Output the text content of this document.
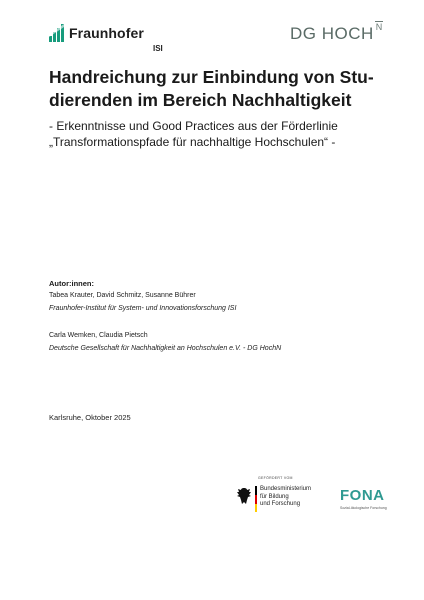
Fraunhofer
ISI
DG HOCH $^N$
Handreichung zur Einbindung von Stu-
dierenden im Bereich Nachhaltigkeit
- Erkenntnisse und Good Practices aus der Förderlinie
„Transformationspfade für nachhaltige Hochschulen“ -
Autor:innen:
Tabea Krauter, David Schmitz, Susanne Bührer
Fraunhofer-Institut für System- und Innovationsforschung ISI
Carla Wemken, Claudia Pietsch
Deutsche Gesellschaft für Nachhaltigkeit an Hochschulen e.V. - DG HochN
Karlsruhe, Oktober 2025
GEFÖRDERT VOM
Bundesministerium
für Bildung
und Forschung	FONA
Sozial-ökologische Forschung
